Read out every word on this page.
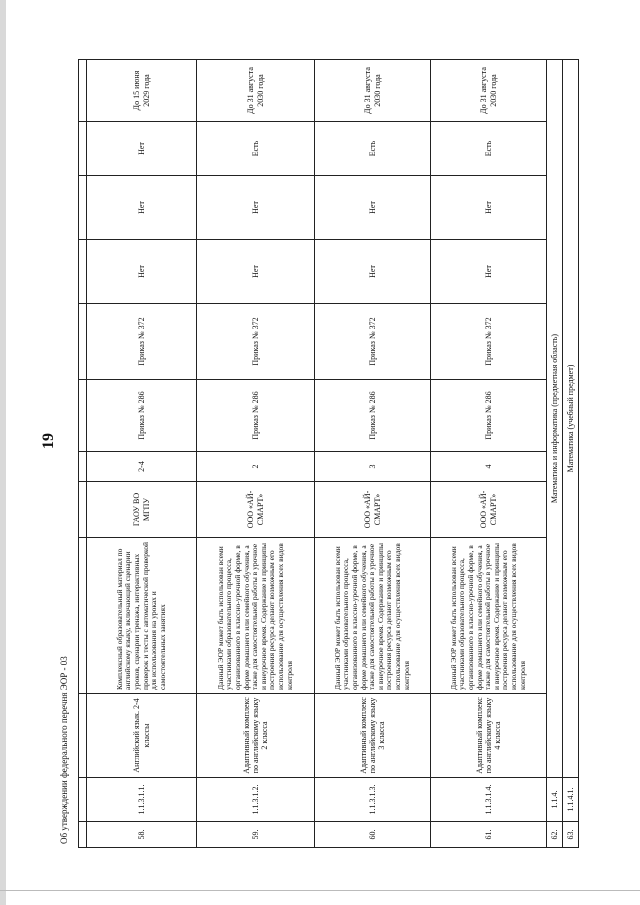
Об утверждении федерального перечня ЭОР - 03
19

58.	1.1.3.1.1.	Английский язык. 2-4 классы	Комплексный образовательный материал по английскому языку, включающий сценарии уроков, сценарии тренажа, интерактивных проверок и тесты с автоматической проверкой для использования на уроках и самостоятельных занятиях	ГАОУ ВО МГПУ	2-4	Приказ № 286	Приказ № 372	Нет	Нет	Нет	До 15 июня 2029 года
59.	1.1.3.1.2.	Адаптивный комплекс по английскому языку 2 класса	Данный ЭОР может быть использован всеми участниками образовательного процесса, организованного в классно-урочной форме, в форме домашнего или семейного обучения, а также для самостоятельной работы в урочное и внеурочное время. Содержание и принципы построения ресурса делают возможным его использование для осуществления всех видов контроля	ООО «АЙ-СМАРТ»	2	Приказ № 286	Приказ № 372	Нет	Нет	Есть	До 31 августа 2030 года
60.	1.1.3.1.3.	Адаптивный комплекс по английскому языку 3 класса	Данный ЭОР может быть использован всеми участниками образовательного процесса, организованного в классно-урочной форме, в форме домашнего или семейного обучения, а также для самостоятельной работы в урочное и внеурочное время. Содержание и принципы построения ресурса делают возможным его использование для осуществления всех видов контроля	ООО «АЙ-СМАРТ»	3	Приказ № 286	Приказ № 372	Нет	Нет	Есть	До 31 августа 2030 года
61.	1.1.3.1.4.	Адаптивный комплекс по английскому языку 4 класса	Данный ЭОР может быть использован всеми участниками образовательного процесса, организованного в классно-урочной форме, в форме домашнего или семейного обучения, а также для самостоятельной работы в урочное и внеурочное время. Содержание и принципы построения ресурса делают возможным его использование для осуществления всех видов контроля	ООО «АЙ-СМАРТ»	4	Приказ № 286	Приказ № 372	Нет	Нет	Есть	До 31 августа 2030 года
62.	1.1.4.	Математика и информатика (предметная область)									
63.	1.1.4.1.	Математика (учебный предмет)									
